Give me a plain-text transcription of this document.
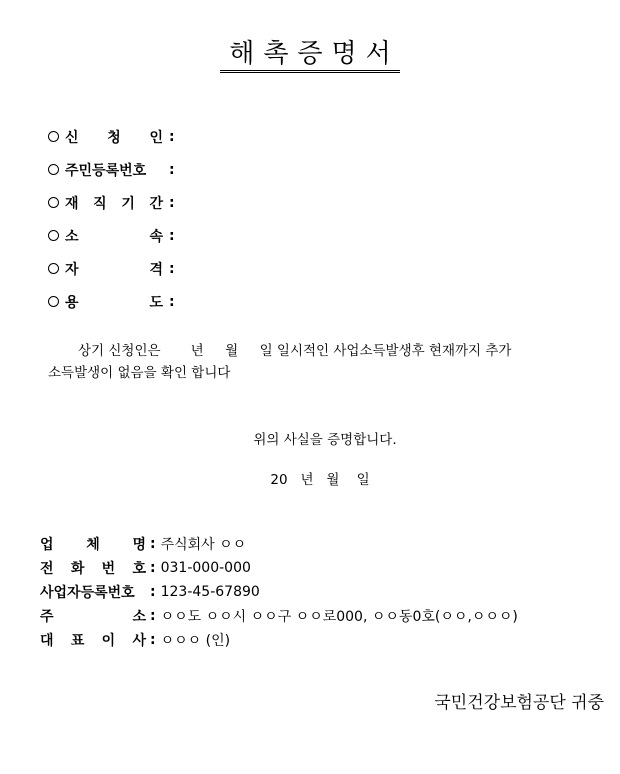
해촉증명서
신 청 인 :
주민등록번호 :
재 직 기 간 :
소	속 :
자	격 :
용	도 :
상기 신청인은       년     월     일 일시적인 사업소득발생후 현재까지 추가
소득발생이 없음을 확인 합니다
위의 사실을 증명합니다.
20   년   월    일
업 체 명 : 주식회사 ㅇㅇ
전 화 번 호 : 031-000-000
사업자등록번호 : 123-45-67890
주	소 : ㅇㅇ도 ㅇㅇ시 ㅇㅇ구 ㅇㅇ로000, ㅇㅇ동0호(ㅇㅇ,ㅇㅇㅇ)
대 표 이 사 : ㅇㅇㅇ (인)
국민건강보험공단 귀중
